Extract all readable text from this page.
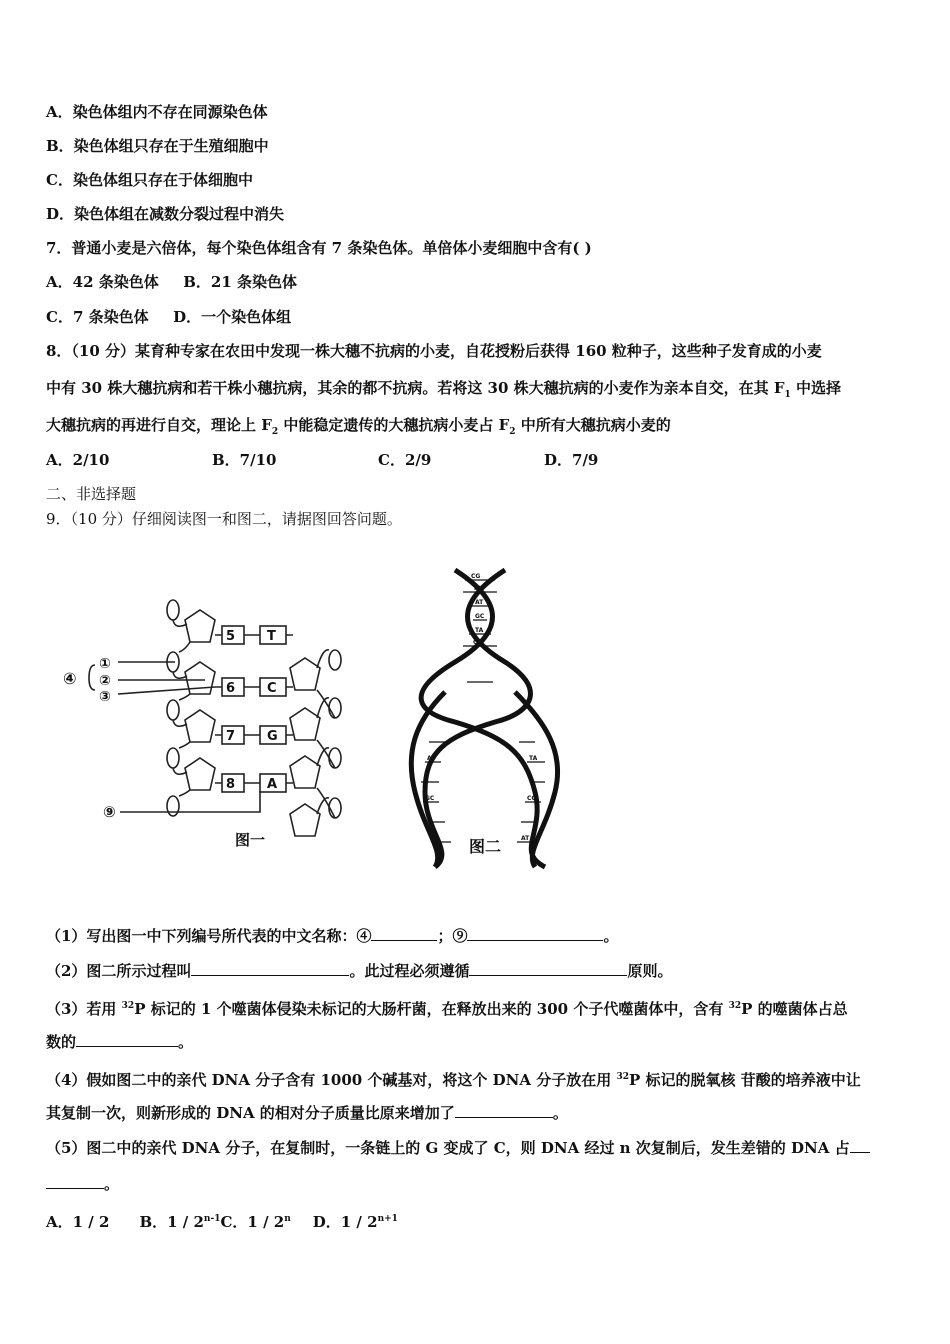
A．染色体组内不存在同源染色体
B．染色体组只存在于生殖细胞中
C．染色体组只存在于体细胞中
D．染色体组在减数分裂过程中消失
7．普通小麦是六倍体，每个染色体组含有 7 条染色体。单倍体小麦细胞中含有( )
A．42 条染色体 B．21 条染色体
C．7 条染色体 D．一个染色体组
8．（10 分）某育种专家在农田中发现一株大穗不抗病的小麦，自花授粉后获得 160 粒种子，这些种子发育成的小麦
中有 30 株大穗抗病和若干株小穗抗病，其余的都不抗病。若将这 30 株大穗抗病的小麦作为亲本自交，在其 $F_1$ 中选择
大穗抗病的再进行自交，理论上 $F_2$ 中能稳定遗传的大穗抗病小麦占 $F_2$ 中所有大穗抗病小麦的
A．2/10	B．7/10	C．2/9	D．7/9
二、非选择题
9．（10 分）仔细阅读图一和图二，请据图回答问题。
5 T
6 C
7 G
8 A
④
①
②
③
⑨
图一
CG
TA
AT
GC
TA
CG
AT
GC
TA
CG
AT
图二
（1）写出图一中下列编号所代表的中文名称：④	；⑨	。
（2）图二所示过程叫	。此过程必须遵循	原则。
（3）若用 $^{32}$P 标记的 1 个噬菌体侵染未标记的大肠杆菌，在释放出来的 300 个子代噬菌体中，含有 $^{32}$P 的噬菌体占总
数的	。
（4）假如图二中的亲代 DNA 分子含有 1000 个碱基对，将这个 DNA 分子放在用 $^{32}$P 标记的脱氧核 苷酸的培养液中让
其复制一次，则新形成的 DNA 的相对分子质量比原来增加了	。
（5）图二中的亲代 DNA 分子，在复制时，一条链上的 G 变成了 C，则 DNA 经过 n 次复制后，发生差错的 DNA 占
。
A．1 / 2 B．1 / 2$^{n-1}$C．1 / 2$^n$ D．$1 / 2^{n+1}$
